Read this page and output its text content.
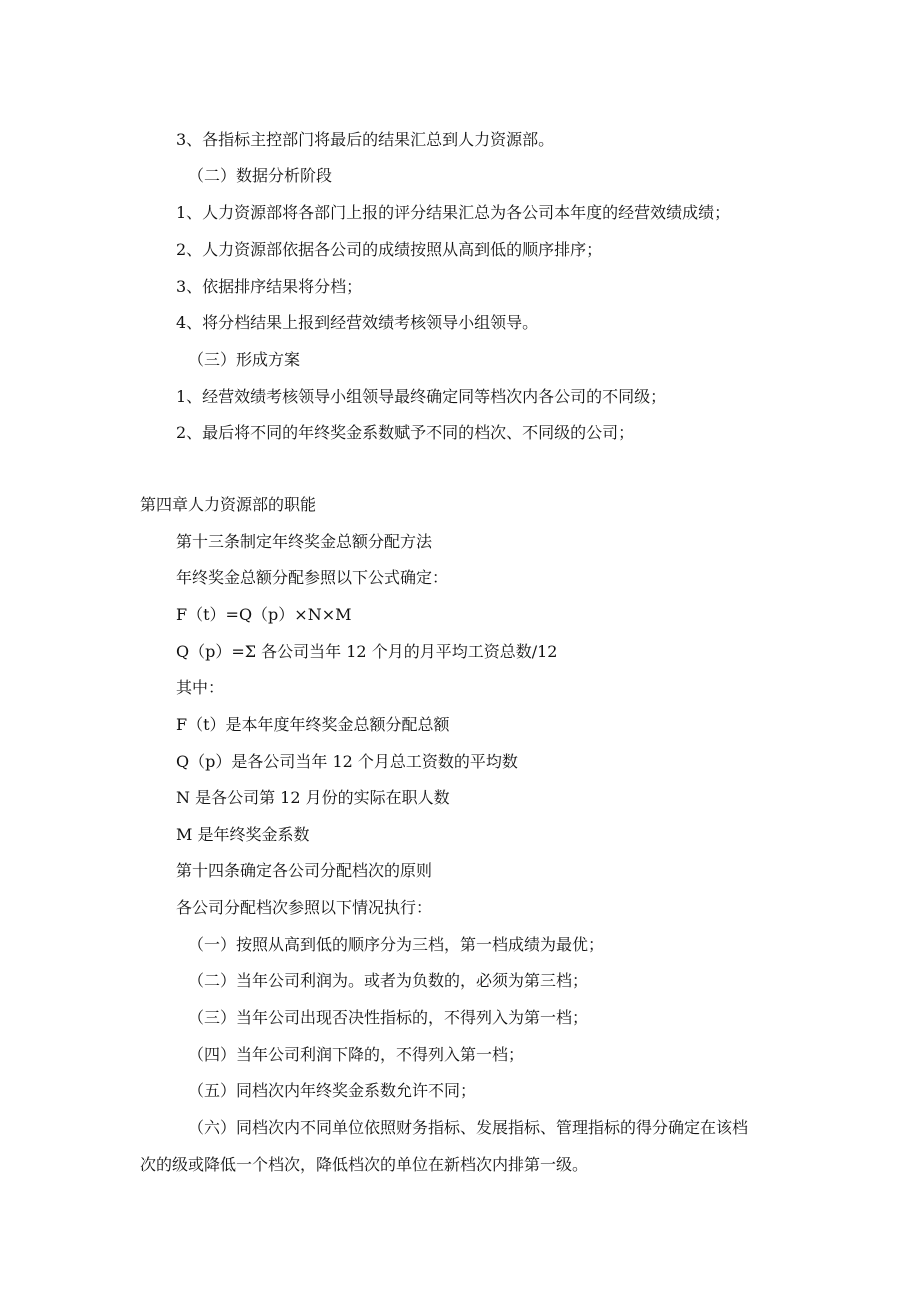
3、各指标主控部门将最后的结果汇总到人力资源部。
（二）数据分析阶段
1、人力资源部将各部门上报的评分结果汇总为各公司本年度的经营效绩成绩；
2、人力资源部依据各公司的成绩按照从高到低的顺序排序；
3、依据排序结果将分档；
4、将分档结果上报到经营效绩考核领导小组领导。
（三）形成方案
1、经营效绩考核领导小组领导最终确定同等档次内各公司的不同级；
2、最后将不同的年终奖金系数赋予不同的档次、不同级的公司；
第四章人力资源部的职能
第十三条制定年终奖金总额分配方法
年终奖金总额分配参照以下公式确定：
F（t）=Q（p）×N×M
Q（p）=Σ 各公司当年 12 个月的月平均工资总数/12
其中：
F（t）是本年度年终奖金总额分配总额
Q（p）是各公司当年 12 个月总工资数的平均数
N 是各公司第 12 月份的实际在职人数
M 是年终奖金系数
第十四条确定各公司分配档次的原则
各公司分配档次参照以下情况执行：
（一）按照从高到低的顺序分为三档，第一档成绩为最优；
（二）当年公司利润为。或者为负数的，必须为第三档；
（三）当年公司出现否决性指标的，不得列入为第一档；
（四）当年公司利润下降的，不得列入第一档；
（五）同档次内年终奖金系数允许不同；
（六）同档次内不同单位依照财务指标、发展指标、管理指标的得分确定在该档
次的级或降低一个档次，降低档次的单位在新档次内排第一级。
